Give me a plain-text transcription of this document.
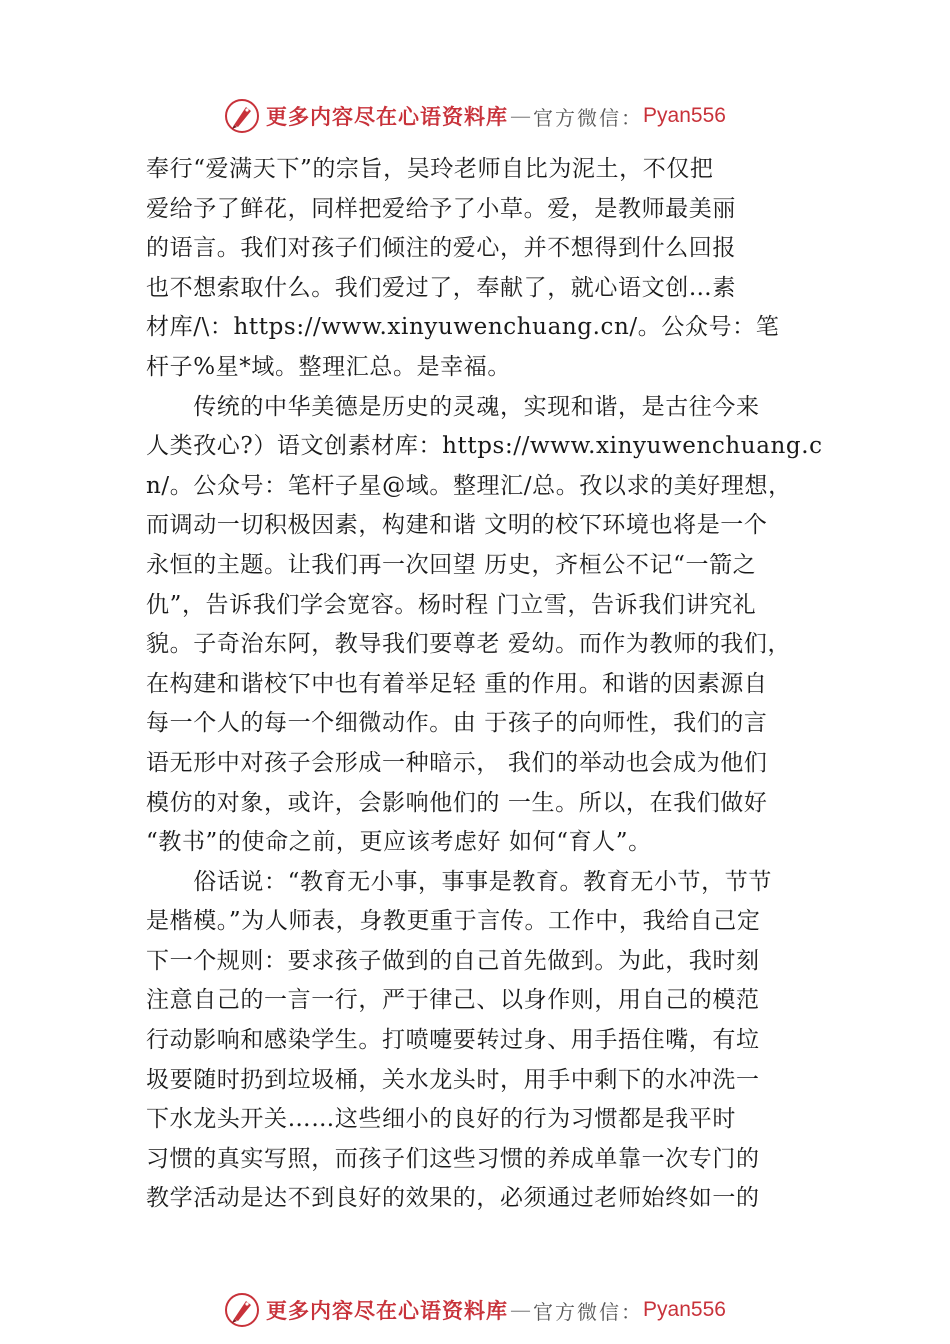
更多内容尽在心语资料库 — 官方微信： Pyan556
奉行“爱满天下”的宗旨，吴玲老师自比为泥土，不仅把
爱给予了鲜花，同样把爱给予了小草。爱，是教师最美丽
的语言。我们对孩子们倾注的爱心，并不想得到什么回报
也不想索取什么。我们爱过了，奉献了，就心语文创…素
材库/\：https://www.xinyuwenchuang.cn/。公众号：笔
杆子%星*域。整理汇总。是幸福。
　　传统的中华美德是历史的灵魂，实现和谐，是古往今来
人类孜心?）语文创素材库：https://www.xinyuwenchuang.c
n/。公众号：笔杆子星@域。整理汇/总。孜以求的美好理想，
而调动一切积极因素，构建和谐 文明的校㓀环境也将是一个
永恒的主题。让我们再一次回望 历史，齐桓公不记“一箭之
仇”，告诉我们学会宽容。杨时程 门立雪，告诉我们讲究礼
貌。子奇治东阿，教导我们要尊老 爱幼。而作为教师的我们，
在构建和谐校㓀中也有着举足轻 重的作用。和谐的因素源自
每一个人的每一个细微动作。由 于孩子的向师性，我们的言
语无形中对孩子会形成一种暗示， 我们的举动也会成为他们
模仿的对象，或许，会影响他们的 一生。所以，在我们做好
“教书”的使命之前，更应该考虑好 如何“育人”。
　　俗话说：“教育无小事，事事是教育。教育无小节，节节
是楷模。”为人师表，身教更重于言传。工作中，我给自己定
下一个规则：要求孩子做到的自己首先做到。为此，我时刻
注意自己的一言一行，严于律己、以身作则，用自己的模范
行动影响和感染学生。打喷嚏要转过身、用手捂住嘴，有垃
圾要随时扔到垃圾桶，关水龙头时，用手中剩下的水冲洗一
下水龙头开关……这些细小的良好的行为习惯都是我平时
习惯的真实写照，而孩子们这些习惯的养成单靠一次专门的
教学活动是达不到良好的效果的，必须通过老师始终如一的
更多内容尽在心语资料库 — 官方微信： Pyan556
